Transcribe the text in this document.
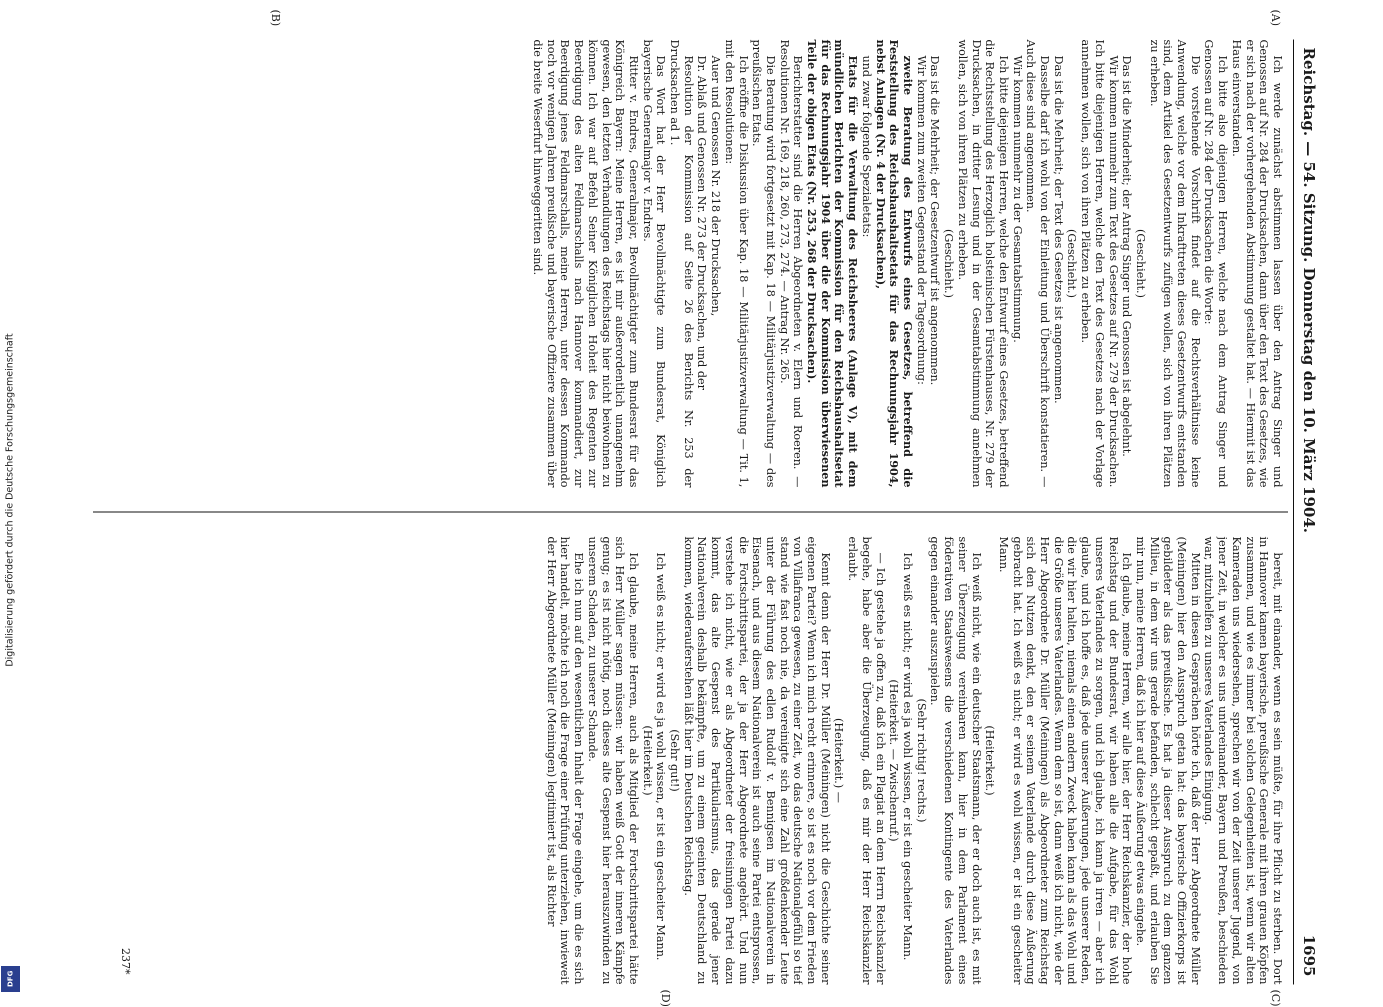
Digitalisierung gefördert durch die Deutsche Forschungsgemeinschaft
DFG
Reichstag. — 54. Sitzung. Donnerstag den 10. März 1904.
1695
(A)
(B)
(C)
(D)

Ich werde zunächst abstimmen lassen über den Antrag Singer und Genossen auf Nr. 284 der Drucksachen, dann über den Text des Gesetzes, wie er sich nach der vorhergehenden Abstimmung gestaltet hat. — Hiermit ist das Haus einverstanden.

Ich bitte also diejenigen Herren, welche nach dem Antrag Singer und Genossen auf Nr. 284 der Drucksachen die Worte:

Die vorstehende Vorschrift findet auf die Rechtsverhältnisse keine Anwendung, welche vor dem Inkrafttreten dieses Gesetzentwurfs entstanden sind, dem Artikel des Gesetzentwurfs zufügen wollen, sich von ihren Plätzen zu erheben.

(Geschieht.)

Das ist die Minderheit; der Antrag Singer und Genossen ist abgelehnt.

Wir kommen nunmehr zum Text des Gesetzes auf Nr. 279 der Drucksachen. Ich bitte diejenigen Herren, welche den Text des Gesetzes nach der Vorlage annehmen wollen, sich von ihren Plätzen zu erheben.

(Geschieht.)

Das ist die Mehrheit; der Text des Gesetzes ist angenommen.

Dasselbe darf ich wohl von der Einleitung und Überschrift konstatieren. — Auch diese sind angenommen.

Wir kommen nunmehr zu der Gesamtabstimmung.

Ich bitte diejenigen Herren, welche den Entwurf eines Gesetzes, betreffend die Rechtsstellung des Herzoglich holsteinischen Fürstenhauses, Nr. 279 der Drucksachen, in dritter Lesung und in der Gesamtabstimmung annehmen wollen, sich von ihren Plätzen zu erheben.

(Geschieht.)

Das ist die Mehrheit; der Gesetzentwurf ist angenommen.

Wir kommen zum zweiten Gegenstand der Tagesordnung:

zweite Beratung des Entwurfs eines Gesetzes, betreffend die Feststellung des Reichshaushaltsetats für das Rechnungsjahr 1904, nebst Anlagen (Nr. 4 der Drucksachen),

und zwar folgende Spezialetats:

Etats für die Verwaltung des Reichsheeres (Anlage V), mit dem mündlichen Berichten der Kommission für den Reichshaushaltsetat für das Rechnungsjahr 1904 über die der Kommission überwiesenen Teile der obigen Etats (Nr. 253, 268 der Drucksachen).

Berichterstatter sind die Herren Abgeordneten v. Elern und Roeren. — Resolutionen Nr. 169, 218, 260, 273, 274. — Antrag Nr. 265.

Die Beratung wird fortgesetzt mit Kap. 18 — Militärjustizverwaltung — des preußischen Etats.

Ich eröffne die Diskussion über Kap. 18 — Militärjustizverwaltung — Tit. 1, mit den Resolutionen:

Auer und Genossen Nr. 218 der Drucksachen,

Dr. Ablaß und Genossen Nr. 273 der Drucksachen, und der

Resolution der Kommission auf Seite 26 des Berichts Nr. 253 der Drucksachen ad 1.

Das Wort hat der Herr Bevollmächtigte zum Bundesrat, Königlich bayerische Generalmajor v. Endres.

Ritter v. Endres, Generalmajor, Bevollmächtigter zum Bundesrat für das Königreich Bayern: Meine Herren, es ist mir außerordentlich unangenehm gewesen, den letzten Verhandlungen des Reichstags hier nicht beiwohnen zu können. Ich war auf Befehl Seiner Königlichen Hoheit des Regenten zur Beerdigung des alten Feldmarschalls nach Hannover kommandiert, zur Beerdigung jenes Feldmarschalls, meine Herren, unter dessen Kommando noch vor wenigen Jahren preußische und bayerische Offiziere zusammen über die breite Weserfurt hinweggeritten sind.

bereit, mit einander, wenn es sein müßte, für ihre Pflicht zu sterben. Dort in Hannover kamen bayerische, preußische Generale mit ihren grauen Köpfen zusammen, und wie es immer bei solchen Gelegenheiten ist, wenn wir alten Kameraden uns wiedersehen, sprechen wir von der Zeit unserer Jugend, von jener Zeit, in welcher es uns untereinander, Bayern und Preußen, beschieden war, mitzuhelfen zu unseres Vaterlandes Einigung.

Mitten in diesen Gesprächen hörte ich, daß der Herr Abgeordnete Müller (Meiningen) hier den Ausspruch getan hat: das bayerische Offizierkorps ist gebildeter als das preußische. Es hat ja dieser Ausspruch zu dem ganzen Milieu, in dem wir uns gerade befanden, schlecht gepaßt, und erlauben Sie mir nun, meine Herren, daß ich hier auf diese Äußerung etwas eingehe.

Ich glaube, meine Herren, wir alle hier, der Herr Reichskanzler, der hohe Reichstag und der Bundesrat, wir haben alle die Aufgabe, für das Wohl unseres Vaterlandes zu sorgen, und ich glaube, ich kann ja irren — aber ich glaube, und ich hoffe es, daß jede unserer Äußerungen, jede unserer Reden, die wir hier halten, niemals einen andern Zweck haben kann als das Wohl und die Größe unseres Vaterlandes. Wenn dem so ist, dann weiß ich nicht, wie der Herr Abgeordnete Dr. Müller (Meiningen) als Abgeordneter zum Reichstag sich den Nutzen denkt, den er seinem Vaterlande durch diese Äußerung gebracht hat. Ich weiß es nicht; er wird es wohl wissen, er ist ein gescheiter Mann.

(Heiterkeit.)

Ich weiß nicht, wie ein deutscher Staatsmann, der er doch auch ist, es mit seiner Überzeugung vereinbaren kann, hier in dem Parlament eines föderativen Staatswesens die verschiedenen Kontingente des Vaterlandes gegen einander auszuspielen.

(Sehr richtig! rechts.)

Ich weiß es nicht; er wird es ja wohl wissen, er ist ein gescheiter Mann.

(Heiterkeit. — Zwischenruf.)

— Ich gestehe ja offen zu, daß ich ein Plagiat an dem Herrn Reichskanzler begehe, habe aber die Überzeugung, daß es mir der Herr Reichskanzler erlaubt.

(Heiterkeit.) —

Kennt denn der Herr Dr. Müller (Meiningen) nicht die Geschichte seiner eigenen Partei? Wenn ich mich recht erinnere, so ist es noch vor dem Frieden von Villafranca gewesen, zu einer Zeit, wo das deutsche Nationalgefühl so tief stand wie fast noch nie, da vereinigte sich eine Zahl großdenkender Leute unter der Führung des edlen Rudolf v. Bennigsen im Nationalverein in Eisenach, und aus diesem Nationalverein ist auch seine Partei entsprossen, die Fortschrittspartei, der ja der Herr Abgeordnete angehört. Und nun verstehe ich nicht, wie er als Abgeordneter der freisinnigen Partei dazu kommt, das alte Gespenst des Partikularismus, das gerade jener Nationalverein deshalb bekämpfte, um zu einem geeinten Deutschland zu kommen, wiederauferstehen läßt hier im Deutschen Reichstag.

(Sehr gut!)

Ich weiß es nicht; er wird es ja wohl wissen, er ist ein gescheiter Mann.

(Heiterkeit.)

Ich glaube, meine Herren, auch als Mitglied der Fortschrittspartei hätte sich Herr Müller sagen müssen: wir haben weiß Gott der inneren Kämpfe genug; es ist nicht nötig, noch dieses alte Gespenst hier herauszuwinden zu unserem Schaden, zu unserer Schande.

Ehe ich nun auf den wesentlichen Inhalt der Frage eingehe, um die es sich hier handelt, möchte ich noch die Frage einer Prüfung unterziehen, inwieweit der Herr Abgeordnete Müller (Meiningen) legitimiert ist, als Richter

237*
